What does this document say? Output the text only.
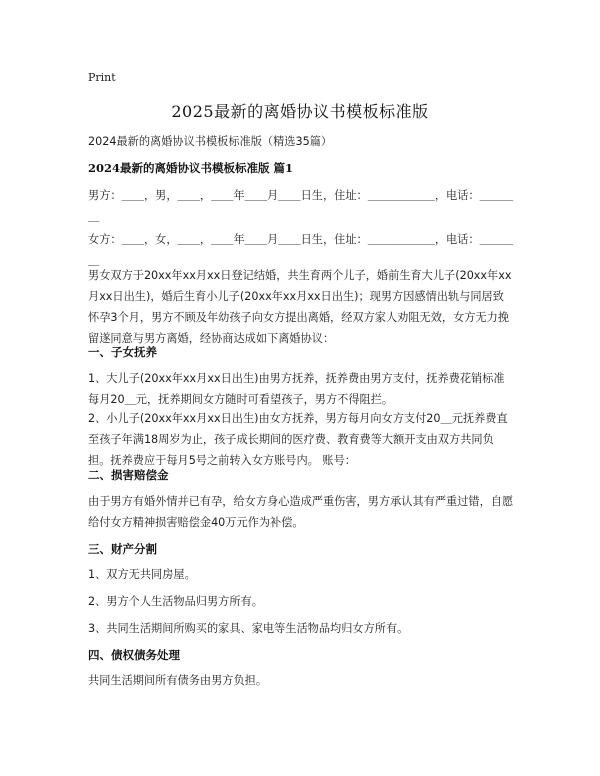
Print
2025最新的离婚协议书模板标准版
2024最新的离婚协议书模板标准版（精选35篇）
2024最新的离婚协议书模板标准版 篇1
男方：＿＿，男，＿＿，＿＿年＿＿月＿＿日生，住址：＿＿＿＿＿＿，电话：＿＿＿＿
女方：＿＿，女，＿＿，＿＿年＿＿月＿＿日生，住址：＿＿＿＿＿＿，电话：＿＿＿＿
男女双方于20xx年xx月xx日登记结婚，共生育两个儿子，婚前生育大儿子(20xx年xx月xx日出生)，婚后生育小儿子(20xx年xx月xx日出生)；现男方因感情出轨与同居致怀孕3个月，男方不顾及年幼孩子向女方提出离婚，经双方家人劝阻无效，女方无力挽留遂同意与男方离婚，经协商达成如下离婚协议：
一、子女抚养
1、大儿子(20xx年xx月xx日出生)由男方抚养，抚养费由男方支付，抚养费花销标准每月20＿元，抚养期间女方随时可看望孩子，男方不得阻拦。
2、小儿子(20xx年xx月xx日出生)由女方抚养，男方每月向女方支付20＿元抚养费直至孩子年满18周岁为止，孩子成长期间的医疗费、教育费等大额开支由双方共同负担。抚养费应于每月5号之前转入女方账号内。 账号：
二、损害赔偿金
由于男方有婚外情并已有孕，给女方身心造成严重伤害，男方承认其有严重过错，自愿给付女方精神损害赔偿金40万元作为补偿。
三、财产分割
1、双方无共同房屋。
2、男方个人生活物品归男方所有。
3、共同生活期间所购买的家具、家电等生活物品均归女方所有。
四、债权债务处理
共同生活期间所有债务由男方负担。
